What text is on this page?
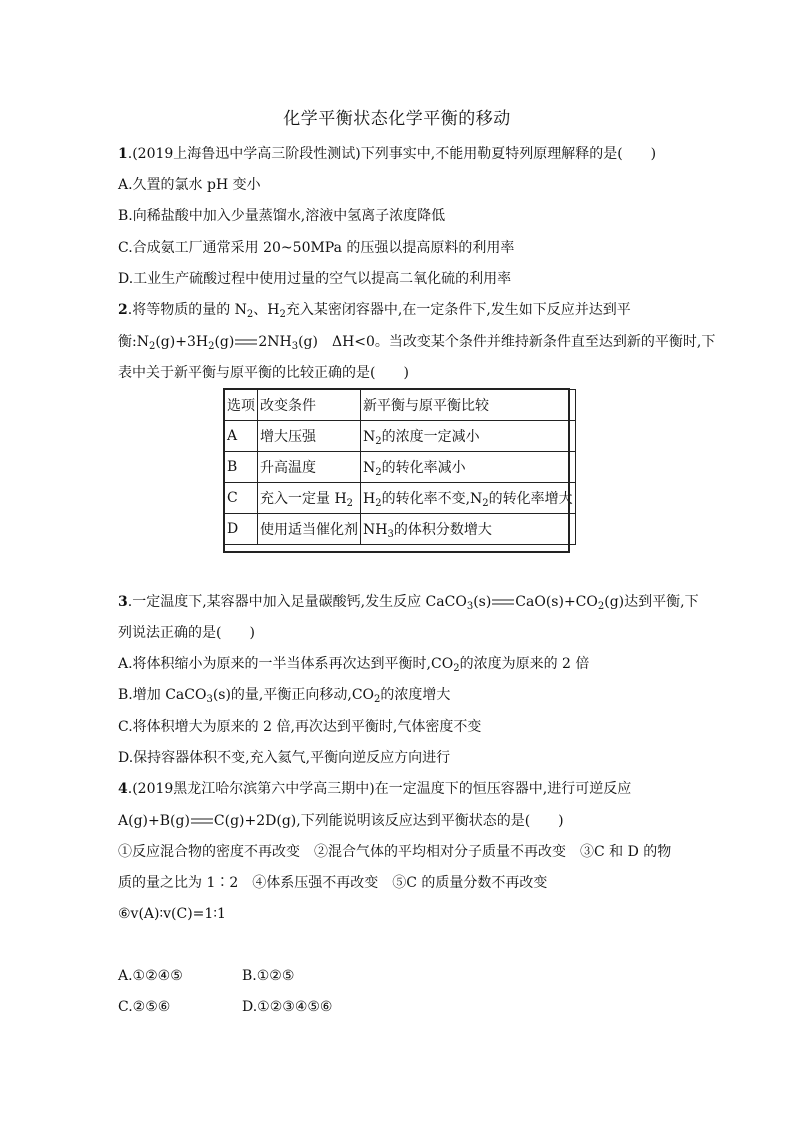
化学平衡状态化学平衡的移动
1.(2019上海鲁迅中学高三阶段性测试)下列事实中,不能用勒夏特列原理解释的是(　　)
A.久置的氯水 pH 变小
B.向稀盐酸中加入少量蒸馏水,溶液中氢离子浓度降低
C.合成氨工厂通常采用 20~50MPa 的压强以提高原料的利用率
D.工业生产硫酸过程中使用过量的空气以提高二氧化硫的利用率
2.将等物质的量的 $N_2$、$H_2$充入某密闭容器中,在一定条件下,发生如下反应并达到平
衡$:N_2(g)+3H_2(g)$ $2NH_3(g)$　ΔH<0。当改变某个条件并维持新条件直至达到新的平衡时,下
表中关于新平衡与原平衡的比较正确的是(　　)
选项	改变条件	新平衡与原平衡比较
A	增大压强	$N_2$的浓度一定减小
B	升高温度	$N_2$的转化率减小
C	充入一定量 $H_2$	$H_2$的转化率不变$,N_2$的转化率增大
D	使用适当催化剂	$NH_3$的体积分数增大
3.一定温度下,某容器中加入足量碳酸钙,发生反应 CaCO$_3$(s) $CaO(s)+CO_2(g)$达到平衡,下
列说法正确的是(　　)
A.将体积缩小为原来的一半当体系再次达到平衡时$,CO_2$的浓度为原来的 2 倍
B.增加 CaCO$_3$(s)的量,平衡正向移动$,CO_2$的浓度增大
C.将体积增大为原来的 2 倍,再次达到平衡时,气体密度不变
D.保持容器体积不变,充入氦气,平衡向逆反应方向进行
4.(2019黑龙江哈尔滨第六中学高三期中)在一定温度下的恒压容器中,进行可逆反应
A(g)+B(g) C(g)+2D(g),下列能说明该反应达到平衡状态的是(　　)
①反应混合物的密度不再改变　②混合气体的平均相对分子质量不再改变　③C 和 D 的物
质的量之比为 1∶2　④体系压强不再改变　⑤C 的质量分数不再改变
⑥v(A)∶v(C)=1∶1
A.①②④⑤	B.①②⑤
C.②⑤⑥	D.①②③④⑤⑥
